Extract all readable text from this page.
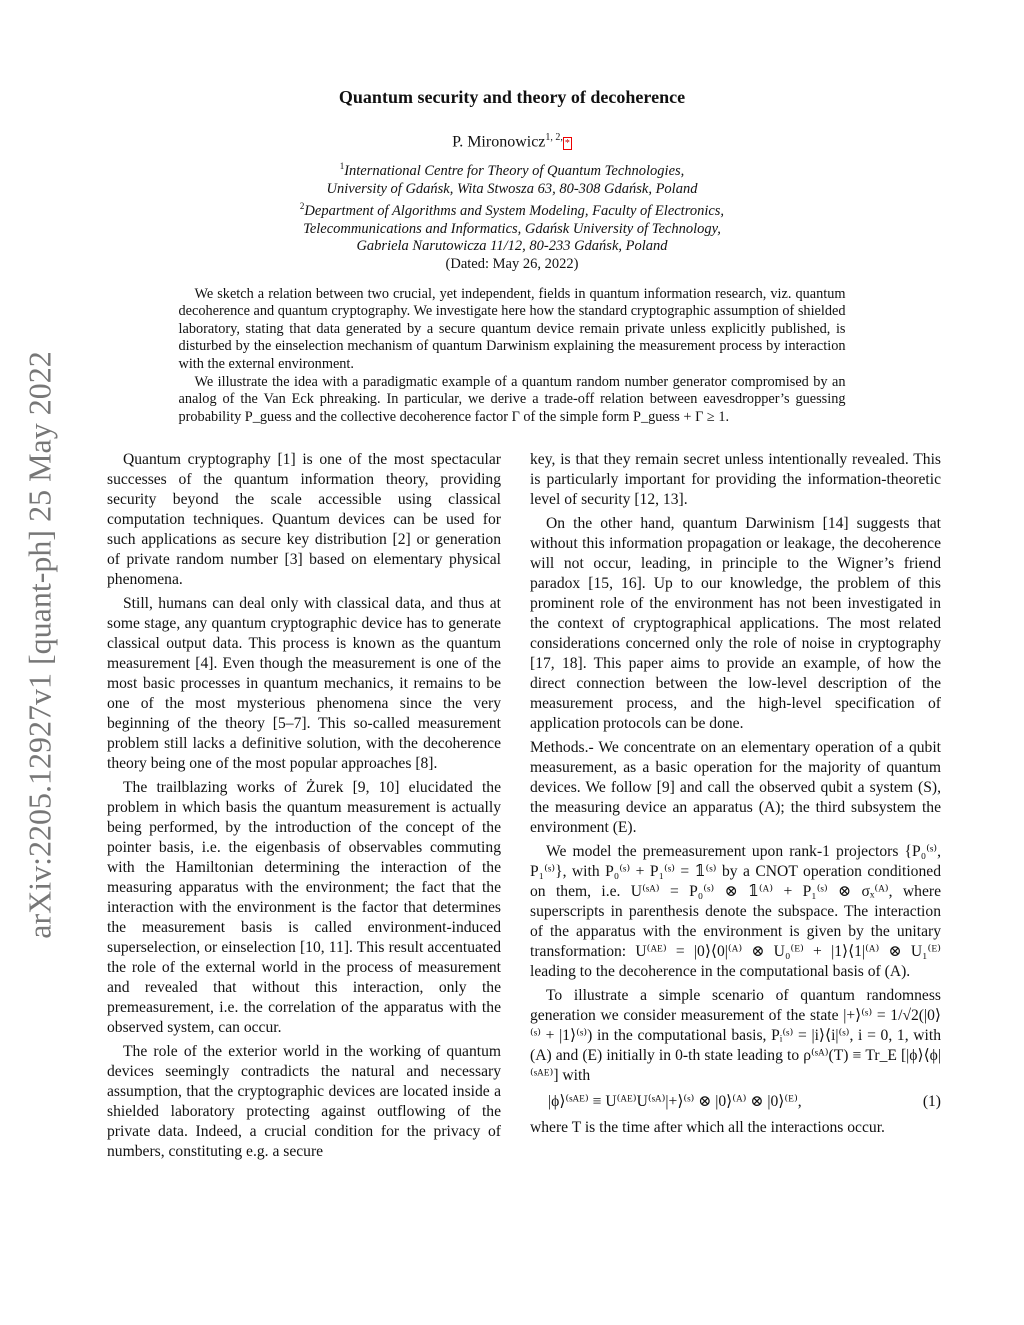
arXiv:2205.12927v1 [quant-ph] 25 May 2022
Quantum security and theory of decoherence
P. Mironowicz$^{1, 2,}$*
$^1$International Centre for Theory of Quantum Technologies,
University of Gdańsk, Wita Stwosza 63, 80-308 Gdańsk, Poland
$^2$Department of Algorithms and System Modeling, Faculty of Electronics,
Telecommunications and Informatics, Gdańsk University of Technology,
Gabriela Narutowicza 11/12, 80-233 Gdańsk, Poland
(Dated: May 26, 2022)

We sketch a relation between two crucial, yet independent, fields in quantum information research, viz. quantum decoherence and quantum cryptography. We investigate here how the standard cryptographic assumption of shielded laboratory, stating that data generated by a secure quantum device remain private unless explicitly published, is disturbed by the einselection mechanism of quantum Darwinism explaining the measurement process by interaction with the external environment.

We illustrate the idea with a paradigmatic example of a quantum random number generator compromised by an analog of the Van Eck phreaking. In particular, we derive a trade-off relation between eavesdropper’s guessing probability P_guess and the collective decoherence factor Γ of the simple form P_guess + Γ ≥ 1.

Quantum cryptography [1] is one of the most spectacular successes of the quantum information theory, providing security beyond the scale accessible using classical computation techniques. Quantum devices can be used for such applications as secure key distribution [2] or generation of private random number [3] based on elementary physical phenomena.

Still, humans can deal only with classical data, and thus at some stage, any quantum cryptographic device has to generate classical output data. This process is known as the quantum measurement [4]. Even though the measurement is one of the most basic processes in quantum mechanics, it remains to be one of the most mysterious phenomena since the very beginning of the theory [5–7]. This so-called measurement problem still lacks a definitive solution, with the decoherence theory being one of the most popular approaches [8].

The trailblazing works of Żurek [9, 10] elucidated the problem in which basis the quantum measurement is actually being performed, by the introduction of the concept of the pointer basis, i.e. the eigenbasis of observables commuting with the Hamiltonian determining the interaction of the measuring apparatus with the environment; the fact that the interaction with the environment is the factor that determines the measurement basis is called environment-induced superselection, or einselection [10, 11]. This result accentuated the role of the external world in the process of measurement and revealed that without this interaction, only the premeasurement, i.e. the correlation of the apparatus with the observed system, can occur.

The role of the exterior world in the working of quantum devices seemingly contradicts the natural and necessary assumption, that the cryptographic devices are located inside a shielded laboratory protecting against outflowing of the private data. Indeed, a crucial condition for the privacy of numbers, constituting e.g. a secure

key, is that they remain secret unless intentionally revealed. This is particularly important for providing the information-theoretic level of security [12, 13].

On the other hand, quantum Darwinism [14] suggests that without this information propagation or leakage, the decoherence will not occur, leading, in principle to the Wigner’s friend paradox [15, 16]. Up to our knowledge, the problem of this prominent role of the environment has not been investigated in the context of cryptographical applications. The most related considerations concerned only the role of noise in cryptography [17, 18]. This paper aims to provide an example, of how the direct connection between the low-level description of the measurement process, and the high-level specification of application protocols can be done.

Methods.- We concentrate on an elementary operation of a qubit measurement, as a basic operation for the majority of quantum devices. We follow [9] and call the observed qubit a system (S), the measuring device an apparatus (A); the third subsystem the environment (E).

We model the premeasurement upon rank-1 projectors {P₀⁽ˢ⁾, P₁⁽ˢ⁾}, with P₀⁽ˢ⁾ + P₁⁽ˢ⁾ = 𝟙⁽ˢ⁾ by a CNOT operation conditioned on them, i.e. U⁽ˢᴬ⁾ = P₀⁽ˢ⁾ ⊗ 𝟙⁽ᴬ⁾ + P₁⁽ˢ⁾ ⊗ σₓ⁽ᴬ⁾, where superscripts in parenthesis denote the subspace. The interaction of the apparatus with the environment is given by the unitary transformation: U⁽ᴬᴱ⁾ = |0⟩⟨0|⁽ᴬ⁾ ⊗ U₀⁽ᴱ⁾ + |1⟩⟨1|⁽ᴬ⁾ ⊗ U₁⁽ᴱ⁾ leading to the decoherence in the computational basis of (A).

To illustrate a simple scenario of quantum randomness generation we consider measurement of the state |+⟩⁽ˢ⁾ = 1/√2(|0⟩⁽ˢ⁾ + |1⟩⁽ˢ⁾) in the computational basis, Pᵢ⁽ˢ⁾ = |i⟩⟨i|⁽ˢ⁾, i = 0, 1, with (A) and (E) initially in 0-th state leading to ρ⁽ˢᴬ⁾(T) ≡ Tr_E [|ϕ⟩⟨ϕ|⁽ˢᴬᴱ⁾] with

|ϕ⟩⁽ˢᴬᴱ⁾ ≡ U⁽ᴬᴱ⁾U⁽ˢᴬ⁾|+⟩⁽ˢ⁾ ⊗ |0⟩⁽ᴬ⁾ ⊗ |0⟩⁽ᴱ⁾,	(1)

where T is the time after which all the interactions occur.
